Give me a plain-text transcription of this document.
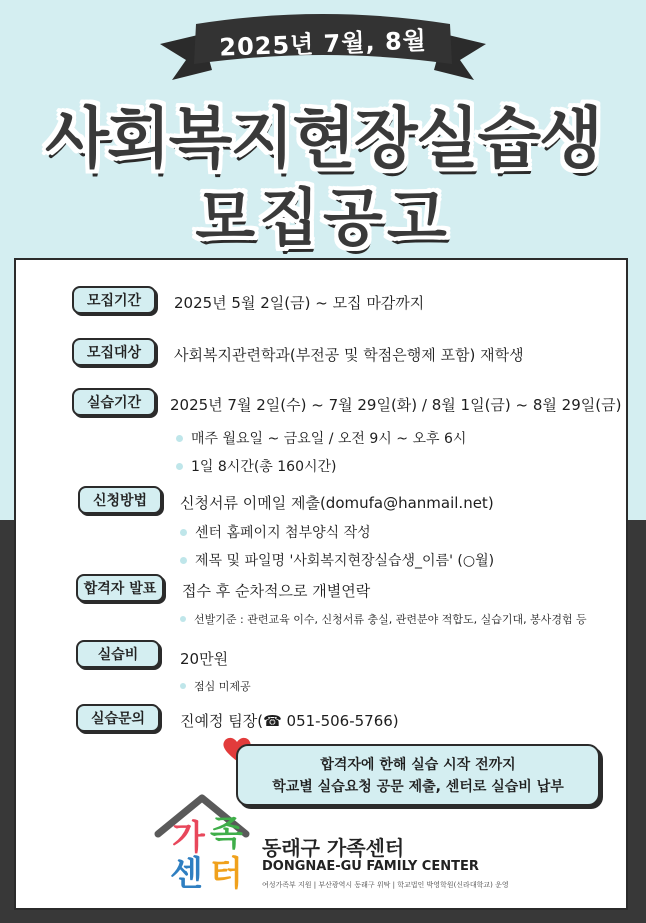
2025년 7월, 8월
사회복지현장실습생
모집공고
모집기간	2025년 5월 2일(금) ~ 모집 마감까지
모집대상	사회복지관련학과(부전공 및 학점은행제 포함) 재학생
실습기간	2025년 7월 2일(수) ~ 7월 29일(화) / 8월 1일(금) ~ 8월 29일(금)
매주 월요일 ~ 금요일 / 오전 9시 ~ 오후 6시
1일 8시간(총 160시간)
신청방법	신청서류 이메일 제출(domufa@hanmail.net)
센터 홈페이지 첨부양식 작성
제목 및 파일명 '사회복지현장실습생_이름' (○월)
합격자 발표	접수 후 순차적으로 개별연락
선발기준 : 관련교육 이수, 신청서류 충실, 관련분야 적합도, 실습기대, 봉사경험 등
실습비	20만원
점심 미제공
실습문의	진예정 팀장(☎ 051-506-5766)
합격자에 한해 실습 시작 전까지
학교별 실습요청 공문 제출, 센터로 실습비 납부
가 족
센 터
동래구 가족센터
DONGNAE-GU FAMILY CENTER
여성가족부 지원 | 부산광역시 동래구 위탁 | 학교법인 박영학원(신라대학교) 운영
